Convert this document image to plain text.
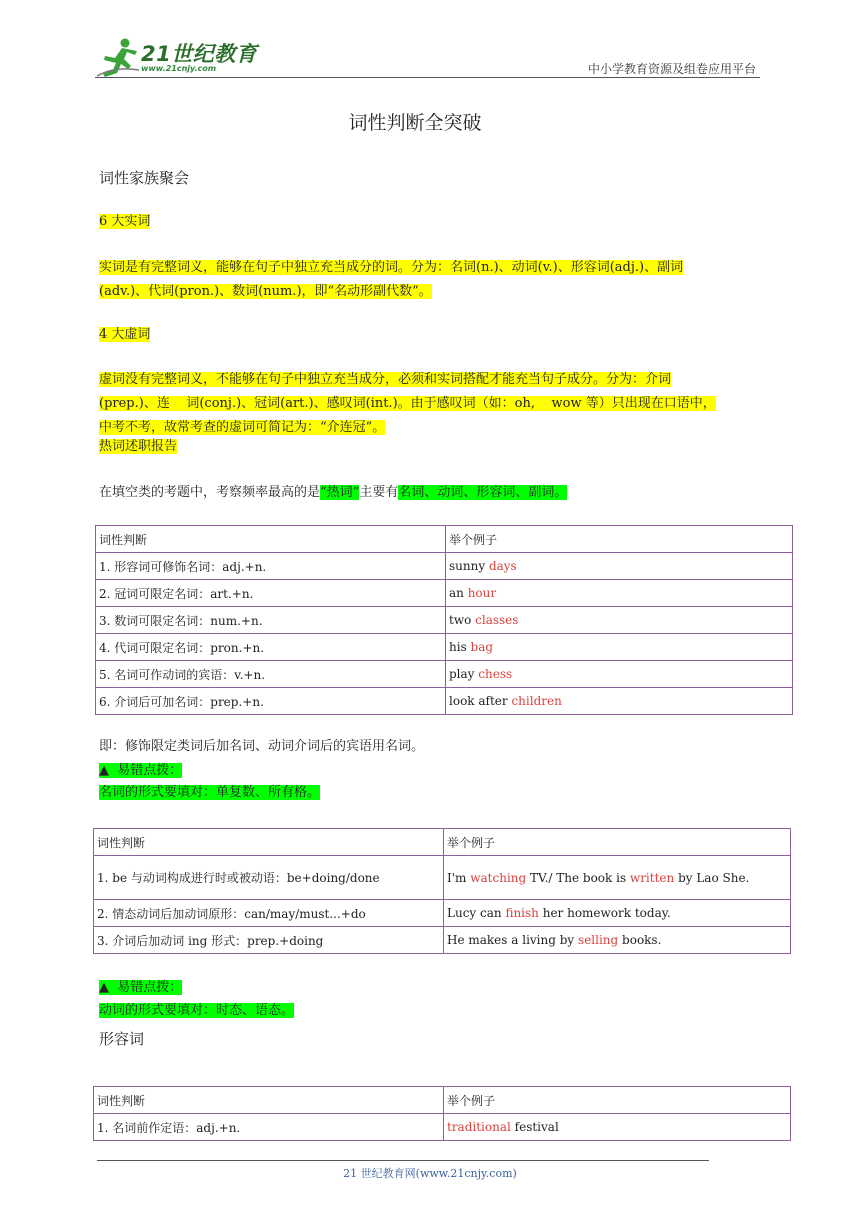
21世纪教育
www.21cnjy.com	中小学教育资源及组卷应用平台
词性判断全突破
词性家族聚会
6 大实词
实词是有完整词义，能够在句子中独立充当成分的词。分为：名词(n.)、动词(v.)、形容词(adj.)、副词
(adv.)、代词(pron.)、数词(num.)，即“名动形副代数”。
4 大虚词
虚词没有完整词义，不能够在句子中独立充当成分，必须和实词搭配才能充当句子成分。分为：介词
(prep.)、连    词(conj.)、冠词(art.)、感叹词(int.)。由于感叹词（如：oh,    wow 等）只出现在口语中，
中考不考，故常考查的虚词可简记为：“介连冠”。
热词述职报告
在填空类的考题中，考察频率最高的是“热词”主要有名词、动词、形容词、副词。
词性判断	举个例子
1. 形容词可修饰名词：adj.+n.	sunny days
2. 冠词可限定名词：art.+n.	an hour
3. 数词可限定名词：num.+n.	two classes
4. 代词可限定名词：pron.+n.	his bag
5. 名词可作动词的宾语：v.+n.	play chess
6. 介词后可加名词：prep.+n.	look after children
即：修饰限定类词后加名词、动词介词后的宾语用名词。
▲  易错点拨：
名词的形式要填对：单复数、所有格。
词性判断	举个例子
1. be 与动词构成进行时或被动语：be+doing/done	I'm watching TV./ The book is written by Lao She.
2. 情态动词后加动词原形：can/may/must...+do	Lucy can finish her homework today.
3. 介词后加动词 ing 形式：prep.+doing	He makes a living by selling books.
▲  易错点拨：
动词的形式要填对：时态、语态。
形容词
词性判断	举个例子
1. 名词前作定语：adj.+n.	traditional festival
21 世纪教育网(www.21cnjy.com)
